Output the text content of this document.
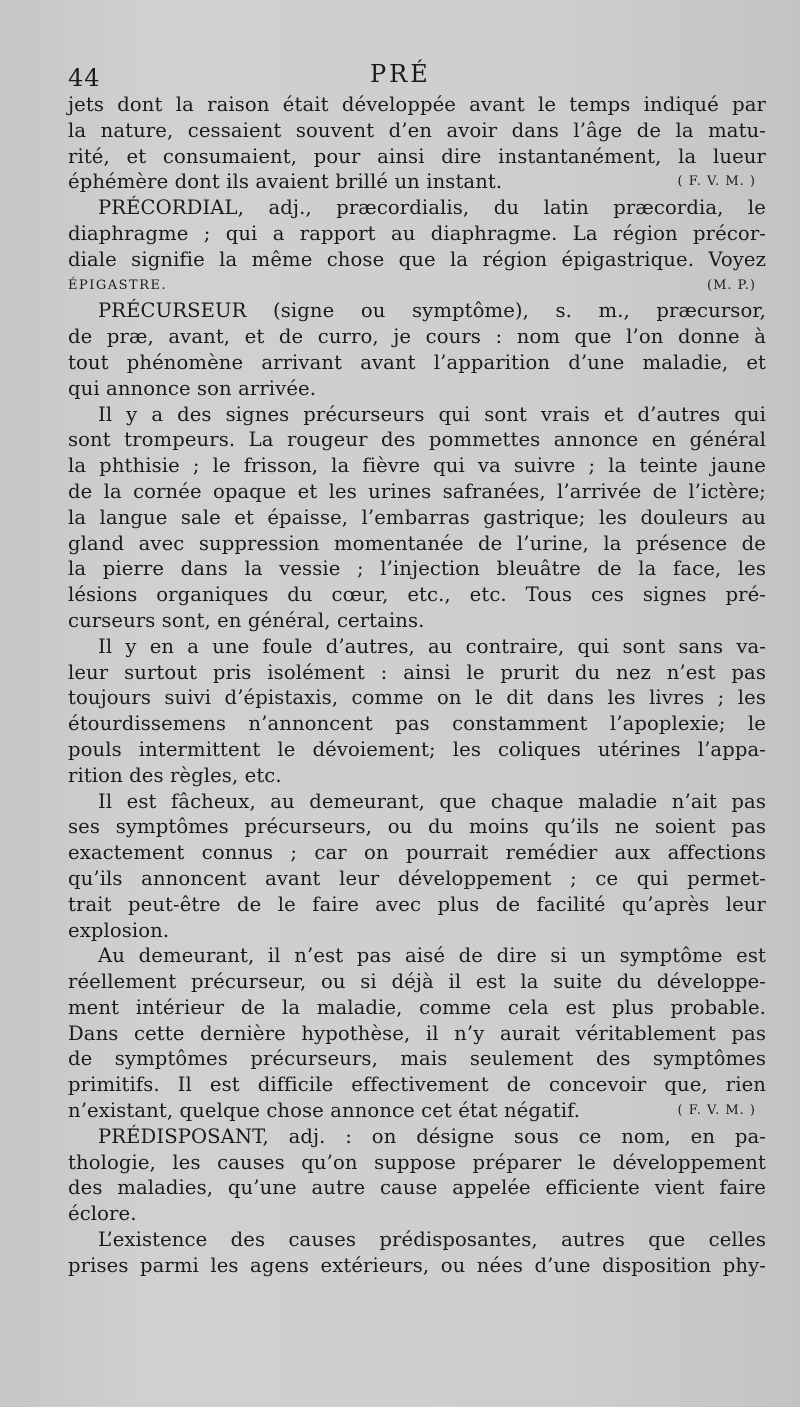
44	PRÉ
jets dont la raison était développée avant le temps indiqué par
la nature, cessaient souvent d’en avoir dans l’âge de la matu-
rité, et consumaient, pour ainsi dire instantanément, la lueur
éphémère dont ils avaient brillé un instant.	( F. V. M. )
PRÉCORDIAL, adj., præcordialis, du latin præcordia, le
diaphragme ; qui a rapport au diaphragme. La région précor-
diale signifie la même chose que la région épigastrique. Voyez
ÉPIGASTRE.	(M. P.)
PRÉCURSEUR (signe ou symptôme), s. m., præcursor,
de præ, avant, et de curro, je cours : nom que l’on donne à
tout phénomène arrivant avant l’apparition d’une maladie, et
qui annonce son arrivée.
Il y a des signes précurseurs qui sont vrais et d’autres qui
sont trompeurs. La rougeur des pommettes annonce en général
la phthisie ; le frisson, la fièvre qui va suivre ; la teinte jaune
de la cornée opaque et les urines safranées, l’arrivée de l’ictère;
la langue sale et épaisse, l’embarras gastrique; les douleurs au
gland avec suppression momentanée de l’urine, la présence de
la pierre dans la vessie ; l’injection bleuâtre de la face, les
lésions organiques du cœur, etc., etc. Tous ces signes pré-
curseurs sont, en général, certains.
Il y en a une foule d’autres, au contraire, qui sont sans va-
leur surtout pris isolément : ainsi le prurit du nez n’est pas
toujours suivi d’épistaxis, comme on le dit dans les livres ; les
étourdissemens n’annoncent pas constamment l’apoplexie; le
pouls intermittent le dévoiement; les coliques utérines l’appa-
rition des règles, etc.
Il est fâcheux, au demeurant, que chaque maladie n’ait pas
ses symptômes précurseurs, ou du moins qu’ils ne soient pas
exactement connus ; car on pourrait remédier aux affections
qu’ils annoncent avant leur développement ; ce qui permet-
trait peut-être de le faire avec plus de facilité qu’après leur
explosion.
Au demeurant, il n’est pas aisé de dire si un symptôme est
réellement précurseur, ou si déjà il est la suite du développe-
ment intérieur de la maladie, comme cela est plus probable.
Dans cette dernière hypothèse, il n’y aurait véritablement pas
de symptômes précurseurs, mais seulement des symptômes
primitifs. Il est difficile effectivement de concevoir que, rien
n’existant, quelque chose annonce cet état négatif.	( F. V. M. )
PRÉDISPOSANT, adj. : on désigne sous ce nom, en pa-
thologie, les causes qu’on suppose préparer le développement
des maladies, qu’une autre cause appelée efficiente vient faire
éclore.
L’existence des causes prédisposantes, autres que celles
prises parmi les agens extérieurs, ou nées d’une disposition phy-
